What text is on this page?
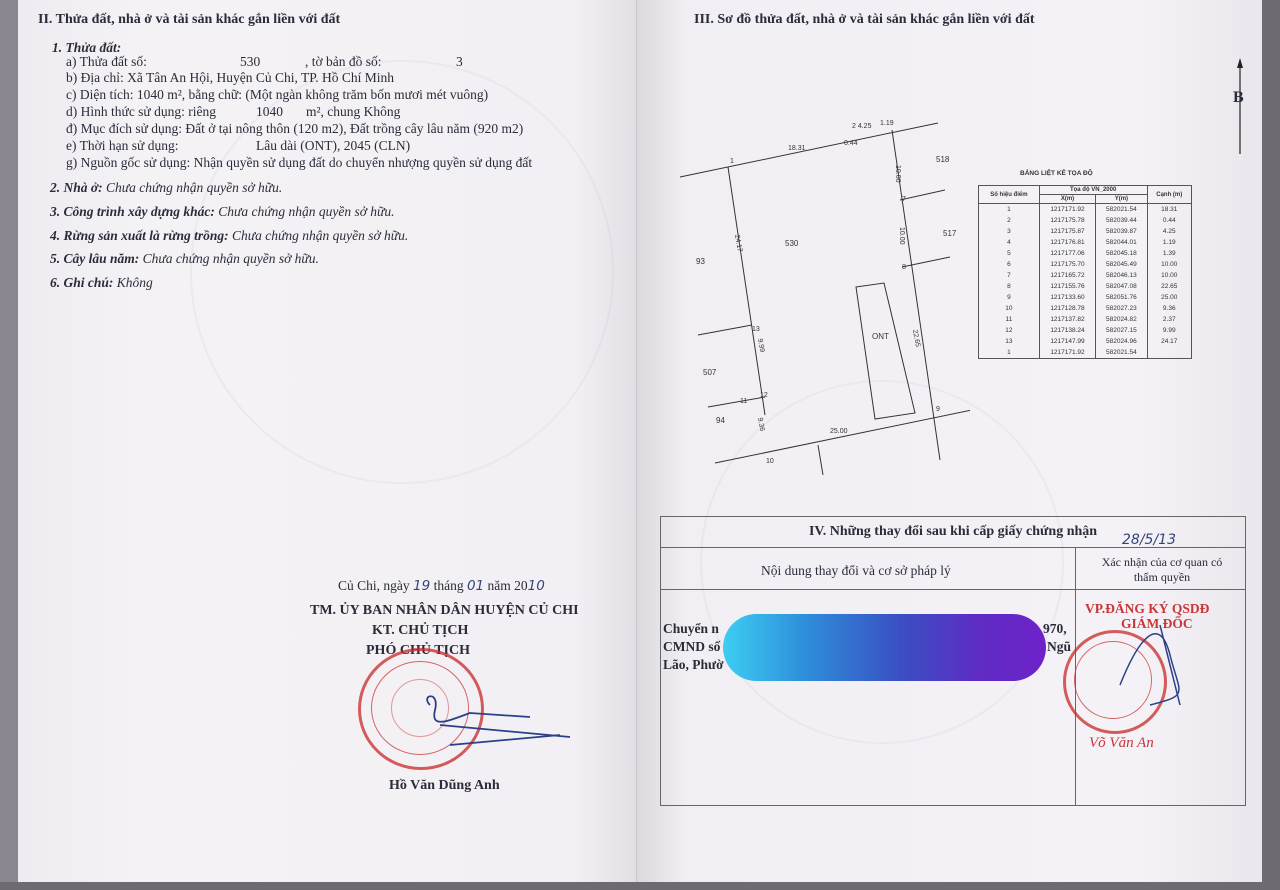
II. Thửa đất, nhà ở và tài sản khác gắn liền với đất
1. Thửa đất:
a) Thửa đất số:	530	, tờ bản đồ số:	3
b) Địa chỉ: Xã Tân An Hội, Huyện Củ Chi, TP. Hồ Chí Minh
c) Diện tích: 1040 m², bằng chữ: (Một ngàn không trăm bốn mươi mét vuông)
d) Hình thức sử dụng: riêng	1040 m², chung Không
đ) Mục đích sử dụng: Đất ở tại nông thôn (120 m2), Đất trồng cây lâu năm (920 m2)
e) Thời hạn sử dụng:	Lâu dài (ONT), 2045 (CLN)
g) Nguồn gốc sử dụng: Nhận quyền sử dụng đất do chuyển nhượng quyền sử dụng đất
2. Nhà ở: Chưa chứng nhận quyền sở hữu.
3. Công trình xây dựng khác: Chưa chứng nhận quyền sở hữu.
4. Rừng sản xuất là rừng trồng: Chưa chứng nhận quyền sở hữu.
5. Cây lâu năm: Chưa chứng nhận quyền sở hữu.
6. Ghi chú: Không
Củ Chi, ngày 19 tháng 01 năm 2010
TM. ỦY BAN NHÂN DÂN HUYỆN CỦ CHI
KT. CHỦ TỊCH
PHÓ CHỦ TỊCH
Hồ Văn Dũng Anh
III. Sơ đồ thửa đất, nhà ở và tài sản khác gắn liền với đất
B
18.31
0.44
2 4.25 1.19
10.00
10.00
22.65
25.00
9.36
9.99
24.17
1
7
8
9
10
11
12
13
ONT
530
518
517
93
507
94
BẢNG LIỆT KÊ TỌA ĐỘ
Số hiệu điểm	Tọa độ VN_2000		Cạnh (m)
	X(m)	Y(m)	
1	1217171.92	582021.54	18.31
2	1217175.78	582039.44	0.44
3	1217175.87	582039.87	4.25
4	1217176.81	582044.01	1.19
5	1217177.06	582045.18	1.39
6	1217175.70	582045.49	10.00
7	1217165.72	582046.13	10.00
8	1217155.76	582047.08	22.65
9	1217133.60	582051.76	25.00
10	1217128.78	582027.23	9.36
11	1217137.82	582024.82	2.37
12	1217138.24	582027.15	9.99
13	1217147.99	582024.96	24.17
1	1217171.92	582021.54	
IV. Những thay đổi sau khi cấp giấy chứng nhận
Nội dung thay đổi và cơ sở pháp lý
Xác nhận của cơ quan có thẩm quyền
Chuyển n	970,
CMND số	Ngũ
Lão, Phườ
VP.ĐĂNG KÝ QSDĐ
GIÁM ĐỐC
Võ Văn An
28/5/13
